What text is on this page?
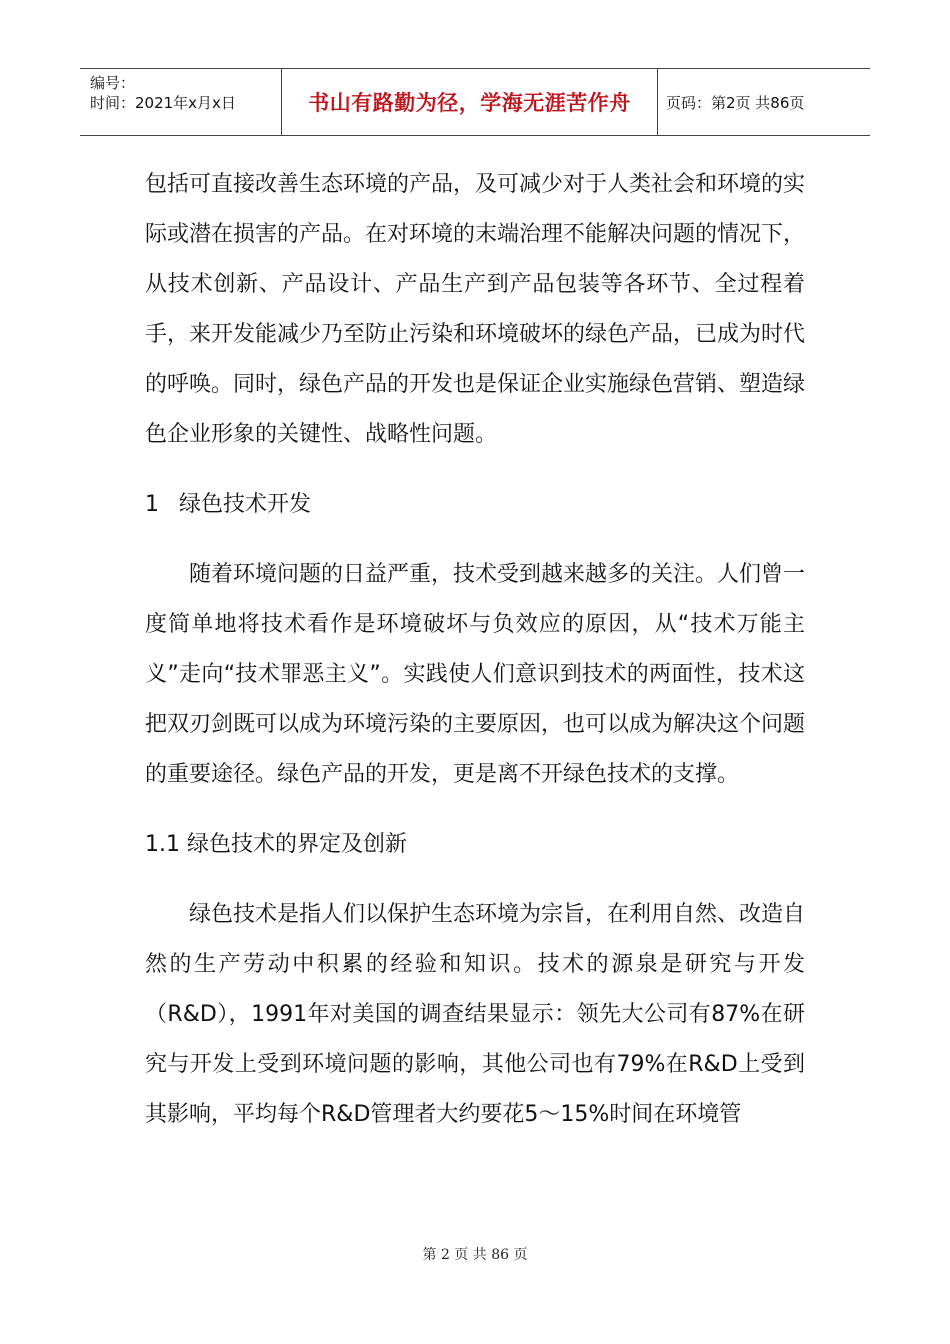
编号：
时间：2021年x月x日	书山有路勤为径，学海无涯苦作舟	页码：第2页 共86页

包括可直接改善生态环境的产品，及可减少对于人类社会和环境的实际或潜在损害的产品。在对环境的末端治理不能解决问题的情况下，从技术创新、产品设计、产品生产到产品包装等各环节、全过程着手，来开发能减少乃至防止污染和环境破坏的绿色产品，已成为时代的呼唤。同时，绿色产品的开发也是保证企业实施绿色营销、塑造绿色企业形象的关键性、战略性问题。

1 绿色技术开发

随着环境问题的日益严重，技术受到越来越多的关注。人们曾一度简单地将技术看作是环境破坏与负效应的原因，从“技术万能主义”走向“技术罪恶主义”。实践使人们意识到技术的两面性，技术这把双刃剑既可以成为环境污染的主要原因，也可以成为解决这个问题的重要途径。绿色产品的开发，更是离不开绿色技术的支撑。

1.1 绿色技术的界定及创新

绿色技术是指人们以保护生态环境为宗旨，在利用自然、改造自然的生产劳动中积累的经验和知识。技术的源泉是研究与开发（R&D），1991年对美国的调查结果显示：领先大公司有87%在研究与开发上受到环境问题的影响，其他公司也有79%在R&D上受到其影响，平均每个R&D管理者大约要花5～15%时间在环境管

第 2 页 共 86 页
